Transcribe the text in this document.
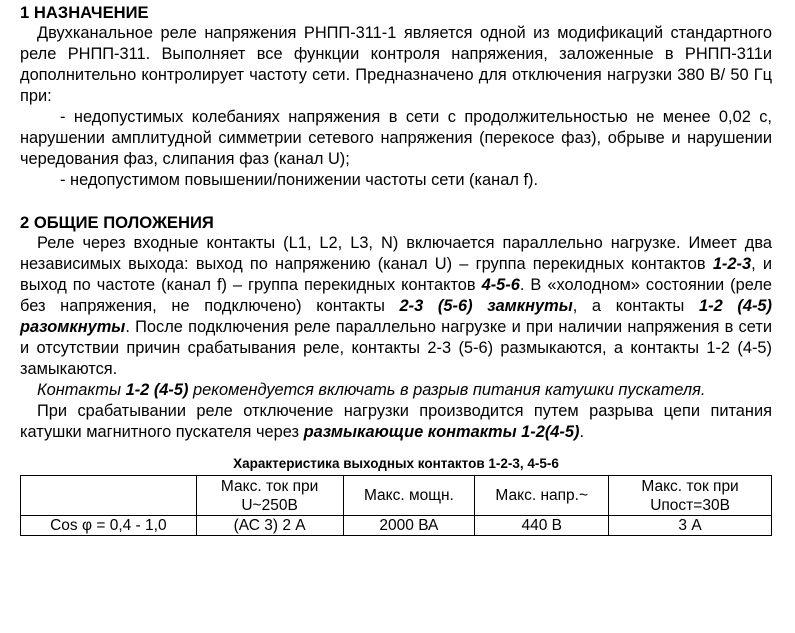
1 НАЗНАЧЕНИЕ

Двухканальное реле напряжения РНПП-311-1 является одной из модификаций стандартного реле РНПП-311. Выполняет все функции контроля напряжения, заложенные в РНПП-311и дополнительно контролирует частоту сети. Предназначено для отключения нагрузки 380 В/ 50 Гц при:

- недопустимых колебаниях напряжения в сети с продолжительностью не менее 0,02 с, нарушении амплитудной симметрии сетевого напряжения (перекосе фаз), обрыве и нарушении чередования фаз, слипания фаз (канал U);

- недопустимом повышении/понижении частоты сети (канал f).

2 ОБЩИЕ ПОЛОЖЕНИЯ

Реле через входные контакты (L1, L2, L3, N) включается параллельно нагрузке. Имеет два независимых выхода: выход по напряжению (канал U) – группа перекидных контактов 1-2-3, и выход по частоте (канал f) – группа перекидных контактов 4-5-6. В «холодном» состоянии (реле без напряжения, не подключено) контакты 2-3 (5-6) замкнуты, а контакты 1-2 (4-5) разомкнуты. После подключения реле параллельно нагрузке и при наличии напряжения в сети и отсутствии причин срабатывания реле, контакты 2-3 (5-6) размыкаются, а контакты 1-2 (4-5) замыкаются.

Контакты 1-2 (4-5) рекомендуется включать в разрыв питания катушки пускателя.

При срабатывании реле отключение нагрузки производится путем разрыва цепи питания катушки магнитного пускателя через размыкающие контакты 1-2(4-5).

Характеристика выходных контактов 1-2-3, 4-5-6
	Макс. ток при U~250В	Макс. мощн.	Макс. напр.~	Макс. ток при Uпост=30В
Cos φ = 0,4 - 1,0	(АС 3) 2 А	2000 ВА	440 В	3 А
